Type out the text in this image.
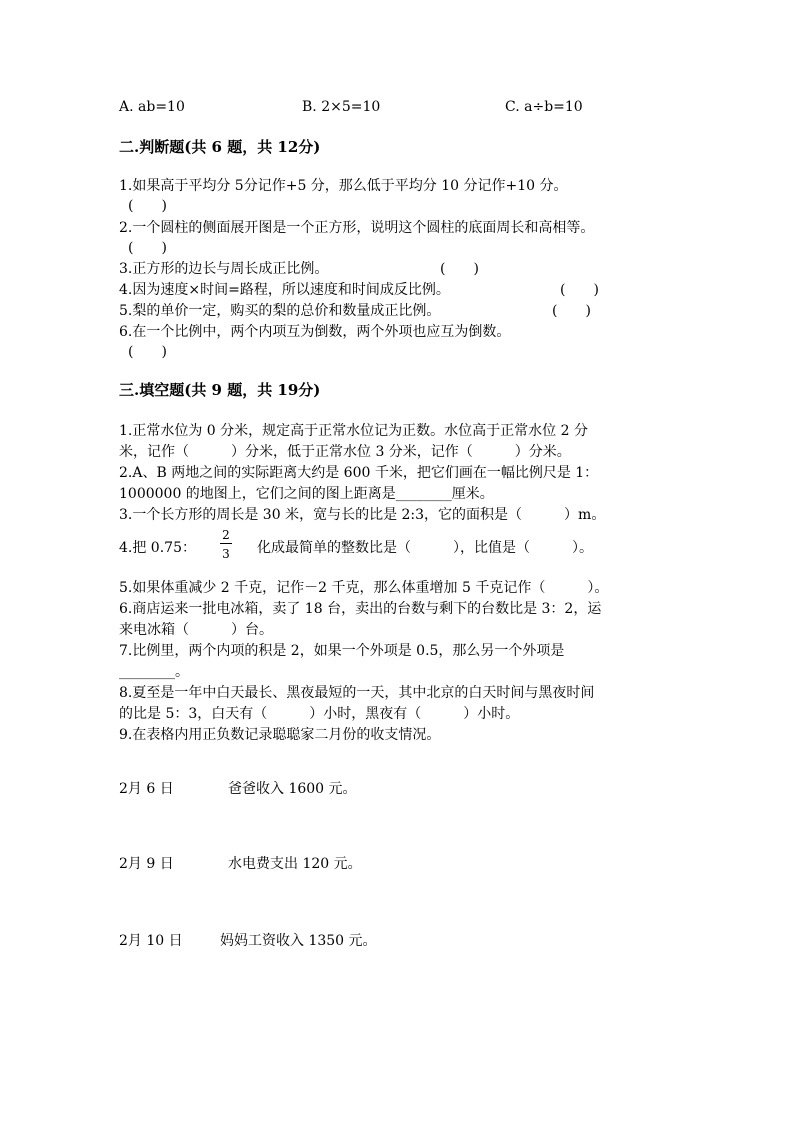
A. ab=10	B. 2×5=10	C. a÷b=10
二.判断题(共 6 题，共 12分)
1.如果高于平均分 5分记作+5 分，那么低于平均分 10 分记作+10 分。
(　　)
2.一个圆柱的侧面展开图是一个正方形，说明这个圆柱的底面周长和高相等。
(　　)
3.正方形的边长与周长成正比例。	(　　)
4.因为速度×时间=路程，所以速度和时间成反比例。	(　　)
5.梨的单价一定，购买的梨的总价和数量成正比例。	(　　)
6.在一个比例中，两个内项互为倒数，两个外项也应互为倒数。
(　　)
三.填空题(共 9 题，共 19分)
1.正常水位为 0 分米，规定高于正常水位记为正数。水位高于正常水位 2 分
米，记作（　　　）分米，低于正常水位 3 分米，记作（　　　）分米。
2.A、B 两地之间的实际距离大约是 600 千米，把它们画在一幅比例尺是 1：
1000000 的地图上，它们之间的图上距离是________厘米。
3.一个长方形的周长是 30 米，宽与长的比是 2:3，它的面积是（　　　）m。
4.把 0.75：
2
3 化成最简单的整数比是（　　　），比值是（　　　）。
5.如果体重减少 2 千克，记作－2 千克，那么体重增加 5 千克记作（　　　）。
6.商店运来一批电冰箱，卖了 18 台，卖出的台数与剩下的台数比是 3：2，运
来电冰箱（　　　）台。
7.比例里，两个内项的积是 2，如果一个外项是 0.5，那么另一个外项是
________。
8.夏至是一年中白天最长、黑夜最短的一天，其中北京的白天时间与黑夜时间
的比是 5：3，白天有（　　　）小时，黑夜有（　　　）小时。
9.在表格内用正负数记录聪聪家二月份的收支情况。
2月 6 日	爸爸收入 1600 元。
2月 9 日	水电费支出 120 元。
2月 10 日	妈妈工资收入 1350 元。
